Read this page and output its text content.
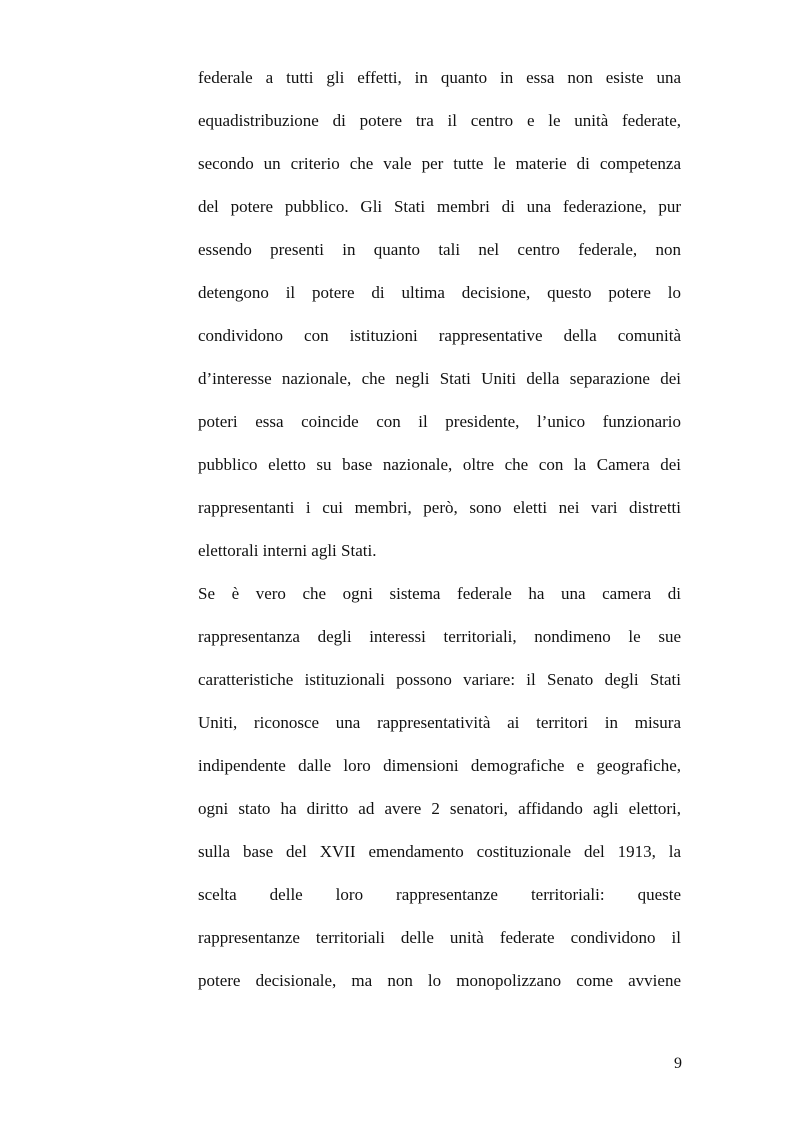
federale a tutti gli effetti, in quanto in essa non esiste una
equadistribuzione di potere tra il centro e le unità federate,
secondo un criterio che vale per tutte le materie di competenza
del potere pubblico. Gli Stati membri di una federazione, pur
essendo presenti in quanto tali nel centro federale, non
detengono il potere di ultima decisione, questo potere lo
condividono con istituzioni rappresentative della comunità
d’interesse nazionale, che negli Stati Uniti della separazione dei
poteri essa coincide con il presidente, l’unico funzionario
pubblico eletto su base nazionale, oltre che con la Camera dei
rappresentanti i cui membri, però, sono eletti nei vari distretti
elettorali interni agli Stati.
Se è vero che ogni sistema federale ha una camera di
rappresentanza degli interessi territoriali, nondimeno le sue
caratteristiche istituzionali possono variare: il Senato degli Stati
Uniti, riconosce una rappresentatività ai territori in misura
indipendente dalle loro dimensioni demografiche e geografiche,
ogni stato ha diritto ad avere 2 senatori, affidando agli elettori,
sulla base del XVII emendamento costituzionale del 1913, la
scelta delle loro rappresentanze territoriali: queste
rappresentanze territoriali delle unità federate condividono il
potere decisionale, ma non lo monopolizzano come avviene
9
